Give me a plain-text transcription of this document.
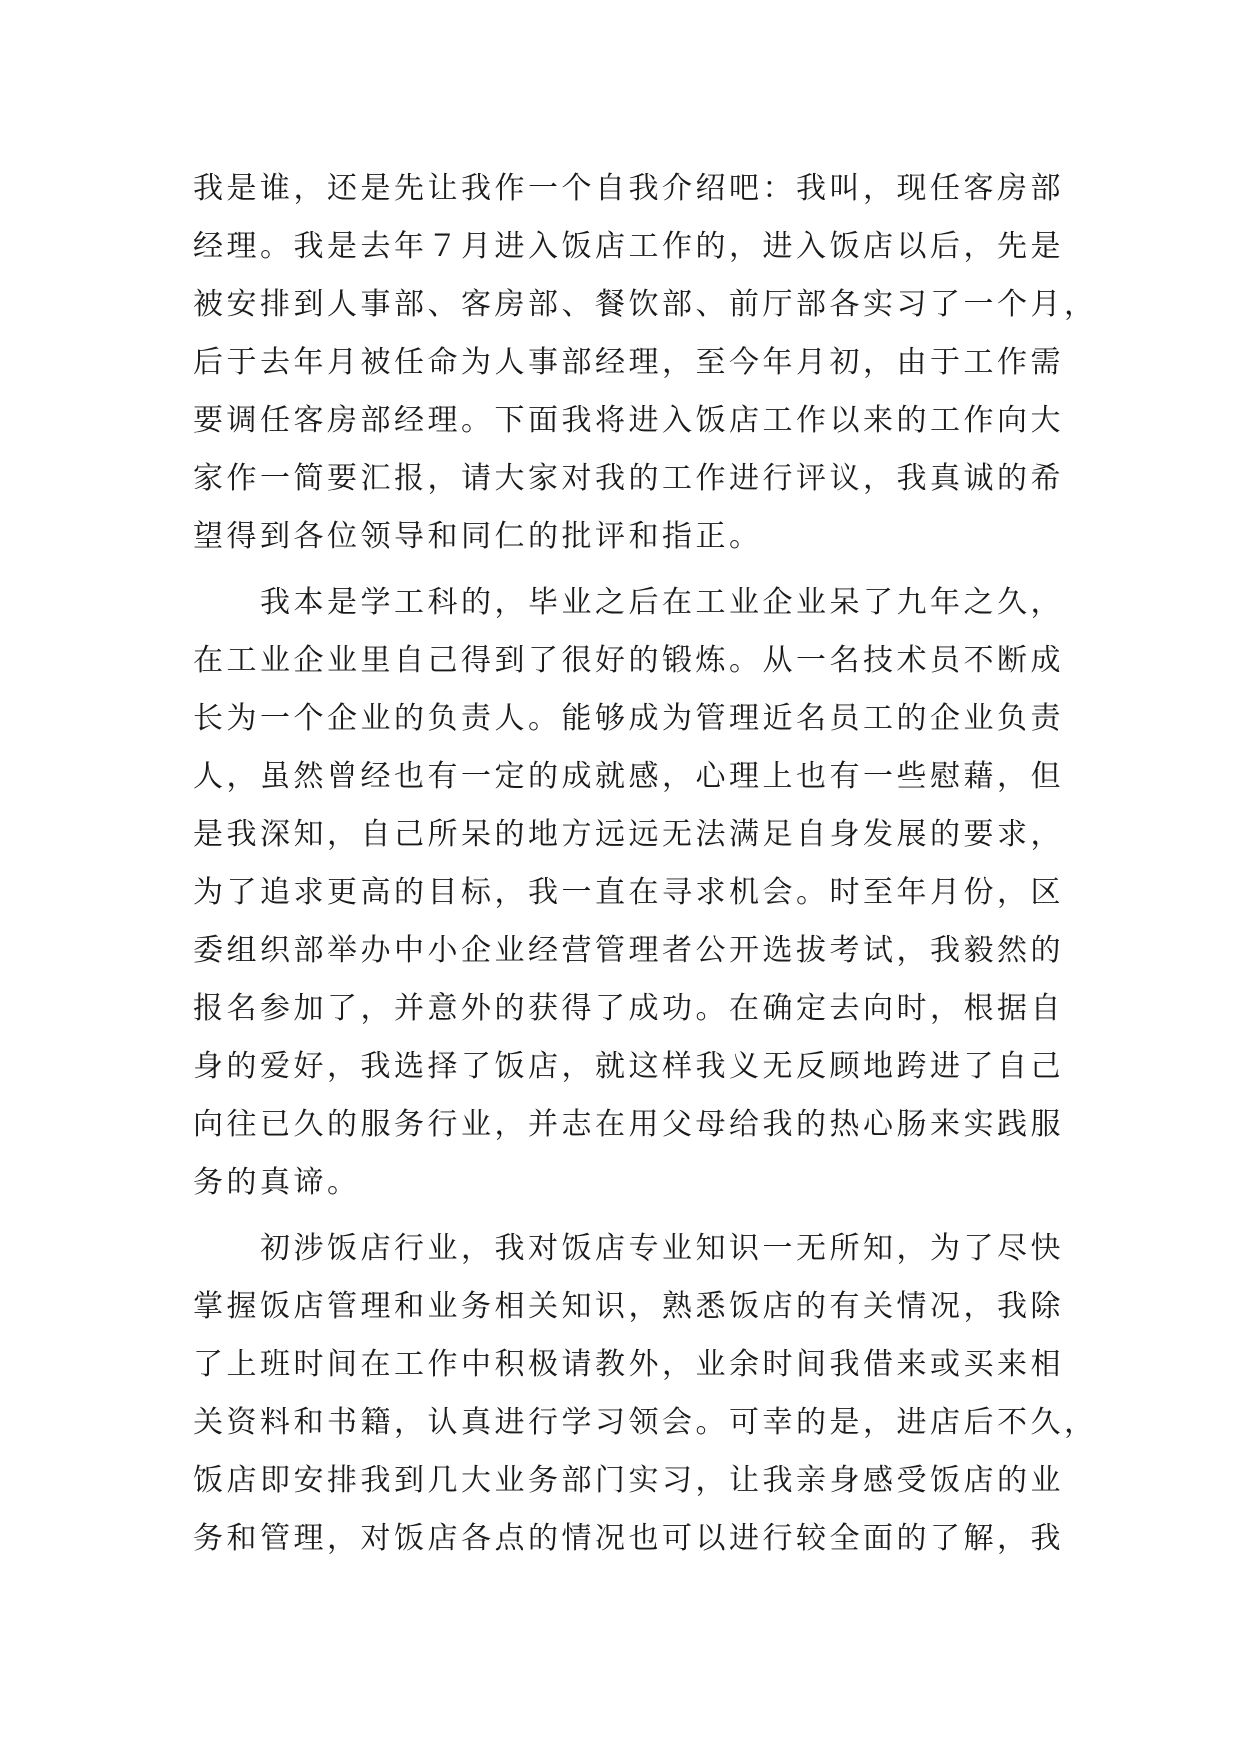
我是谁，还是先让我作一个自我介绍吧：我叫，现任客房部
经理。我是去年７月进入饭店工作的，进入饭店以后，先是
被安排到人事部、客房部、餐饮部、前厅部各实习了一个月，
后于去年月被任命为人事部经理，至今年月初，由于工作需
要调任客房部经理。下面我将进入饭店工作以来的工作向大
家作一简要汇报，请大家对我的工作进行评议，我真诚的希
望得到各位领导和同仁的批评和指正。
　　我本是学工科的，毕业之后在工业企业呆了九年之久，
在工业企业里自己得到了很好的锻炼。从一名技术员不断成
长为一个企业的负责人。能够成为管理近名员工的企业负责
人，虽然曾经也有一定的成就感，心理上也有一些慰藉，但
是我深知，自己所呆的地方远远无法满足自身发展的要求，
为了追求更高的目标，我一直在寻求机会。时至年月份，区
委组织部举办中小企业经营管理者公开选拔考试，我毅然的
报名参加了，并意外的获得了成功。在确定去向时，根据自
身的爱好，我选择了饭店，就这样我义无反顾地跨进了自己
向往已久的服务行业，并志在用父母给我的热心肠来实践服
务的真谛。
　　初涉饭店行业，我对饭店专业知识一无所知，为了尽快
掌握饭店管理和业务相关知识，熟悉饭店的有关情况，我除
了上班时间在工作中积极请教外，业余时间我借来或买来相
关资料和书籍，认真进行学习领会。可幸的是，进店后不久，
饭店即安排我到几大业务部门实习，让我亲身感受饭店的业
务和管理，对饭店各点的情况也可以进行较全面的了解，我
